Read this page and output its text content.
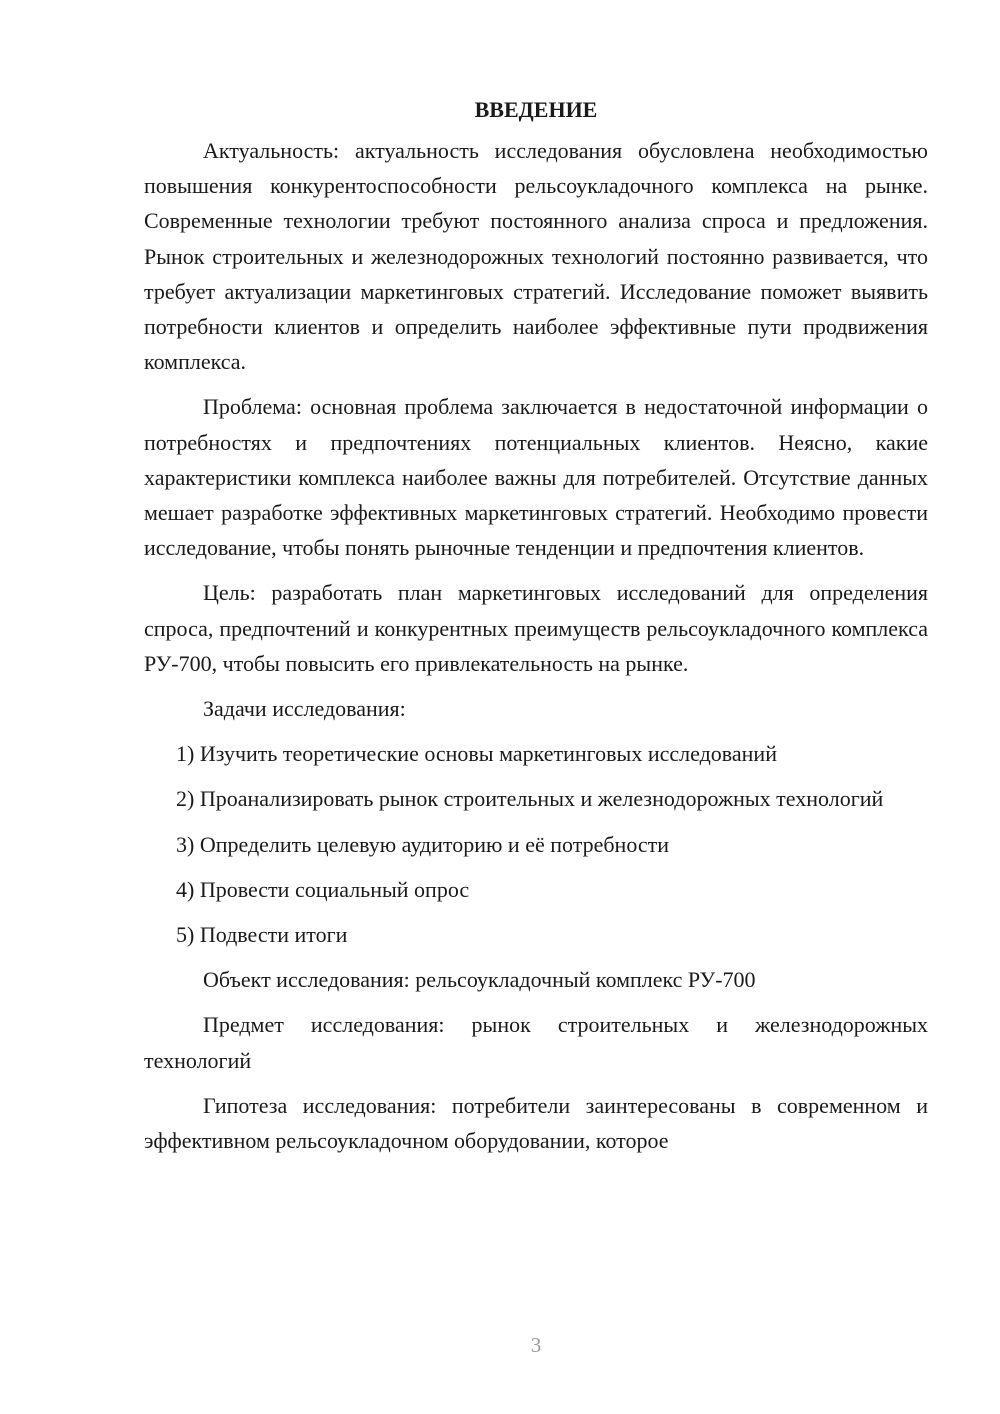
ВВЕДЕНИЕ

Актуальность: актуальность исследования обусловлена необходимостью повышения конкурентоспособности рельсоукладочного комплекса на рынке. Современные технологии требуют постоянного анализа спроса и предложения. Рынок строительных и железнодорожных технологий постоянно развивается, что требует актуализации маркетинговых стратегий. Исследование поможет выявить потребности клиентов и определить наиболее эффективные пути продвижения комплекса.

Проблема: основная проблема заключается в недостаточной информации о потребностях и предпочтениях потенциальных клиентов. Неясно, какие характеристики комплекса наиболее важны для потребителей. Отсутствие данных мешает разработке эффективных маркетинговых стратегий. Необходимо провести исследование, чтобы понять рыночные тенденции и предпочтения клиентов.

Цель: разработать план маркетинговых исследований для определения спроса, предпочтений и конкурентных преимуществ рельсоукладочного комплекса РУ-700, чтобы повысить его привлекательность на рынке.

Задачи исследования:

1) Изучить теоретические основы маркетинговых исследований

2) Проанализировать рынок строительных и железнодорожных технологий

3) Определить целевую аудиторию и её потребности

4) Провести социальный опрос

5) Подвести итоги

Объект исследования: рельсоукладочный комплекс РУ-700

Предмет исследования: рынок строительных и железнодорожных технологий

Гипотеза исследования: потребители заинтересованы в современном и эффективном рельсоукладочном оборудовании, которое

3
